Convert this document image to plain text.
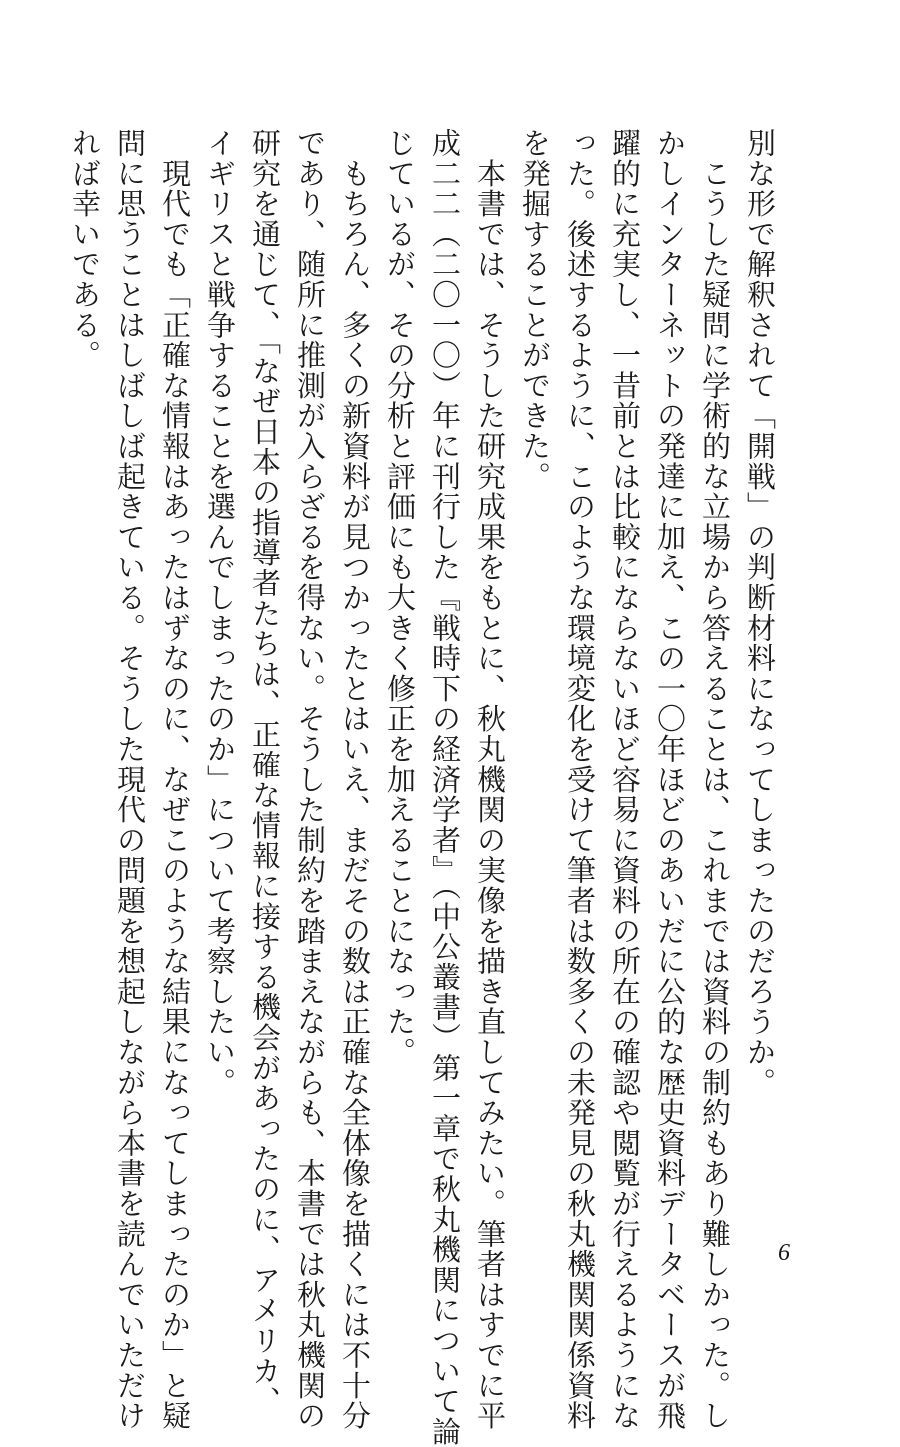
別な形で解釈されて「開戦」の判断材料になってしまったのだろうか。
　こうした疑問に学術的な立場から答えることは、これまでは資料の制約もあり難しかった。し
かしインターネットの発達に加え、この一〇年ほどのあいだに公的な歴史資料データベースが飛
躍的に充実し、一昔前とは比較にならないほど容易に資料の所在の確認や閲覧が行えるようにな
った。後述するように、このような環境変化を受けて筆者は数多くの未発見の秋丸機関関係資料
を発掘することができた。
　本書では、そうした研究成果をもとに、秋丸機関の実像を描き直してみたい。筆者はすでに平
成二二（二〇一〇）年に刊行した『戦時下の経済学者』（中公叢書）第一章で秋丸機関について論
じているが、その分析と評価にも大きく修正を加えることになった。
　もちろん、多くの新資料が見つかったとはいえ、まだその数は正確な全体像を描くには不十分
であり、随所に推測が入らざるを得ない。そうした制約を踏まえながらも、本書では秋丸機関の
研究を通じて、「なぜ日本の指導者たちは、正確な情報に接する機会があったのに、アメリカ、
イギリスと戦争することを選んでしまったのか」について考察したい。
　現代でも「正確な情報はあったはずなのに、なぜこのような結果になってしまったのか」と疑
問に思うことはしばしば起きている。そうした現代の問題を想起しながら本書を読んでいただけ
れば幸いである。
6
